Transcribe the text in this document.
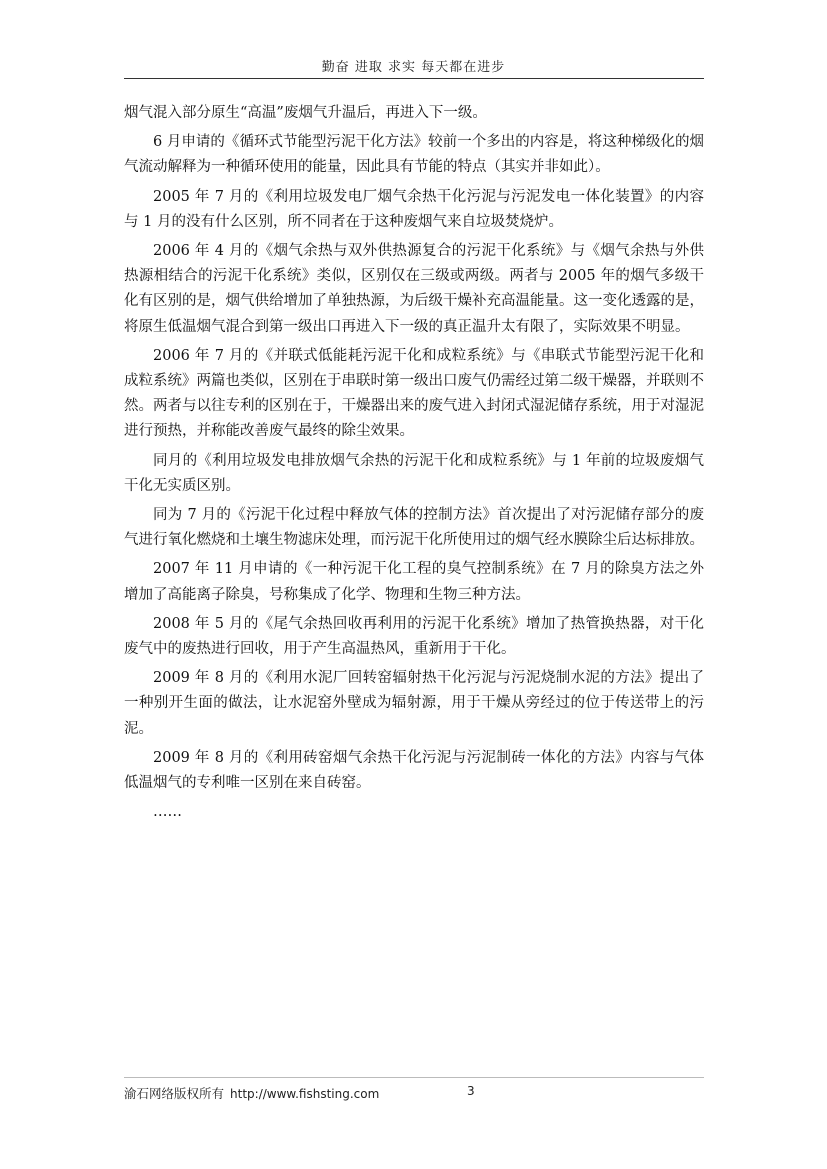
勤奋 进取 求实 每天都在进步

烟气混入部分原生“高温”废烟气升温后，再进入下一级。

6 月申请的《循环式节能型污泥干化方法》较前一个多出的内容是，将这种梯级化的烟气流动解释为一种循环使用的能量，因此具有节能的特点（其实并非如此）。

2005 年 7 月的《利用垃圾发电厂烟气余热干化污泥与污泥发电一体化装置》的内容与 1 月的没有什么区别，所不同者在于这种废烟气来自垃圾焚烧炉。

2006 年 4 月的《烟气余热与双外供热源复合的污泥干化系统》与《烟气余热与外供热源相结合的污泥干化系统》类似，区别仅在三级或两级。两者与 2005 年的烟气多级干化有区别的是，烟气供给增加了单独热源，为后级干燥补充高温能量。这一变化透露的是，将原生低温烟气混合到第一级出口再进入下一级的真正温升太有限了，实际效果不明显。

2006 年 7 月的《并联式低能耗污泥干化和成粒系统》与《串联式节能型污泥干化和成粒系统》两篇也类似，区别在于串联时第一级出口废气仍需经过第二级干燥器，并联则不然。两者与以往专利的区别在于，干燥器出来的废气进入封闭式湿泥储存系统，用于对湿泥进行预热，并称能改善废气最终的除尘效果。

同月的《利用垃圾发电排放烟气余热的污泥干化和成粒系统》与 1 年前的垃圾废烟气干化无实质区别。

同为 7 月的《污泥干化过程中释放气体的控制方法》首次提出了对污泥储存部分的废气进行氧化燃烧和土壤生物滤床处理，而污泥干化所使用过的烟气经水膜除尘后达标排放。

2007 年 11 月申请的《一种污泥干化工程的臭气控制系统》在 7 月的除臭方法之外增加了高能离子除臭，号称集成了化学、物理和生物三种方法。

2008 年 5 月的《尾气余热回收再利用的污泥干化系统》增加了热管换热器，对干化废气中的废热进行回收，用于产生高温热风，重新用于干化。

2009 年 8 月的《利用水泥厂回转窑辐射热干化污泥与污泥烧制水泥的方法》提出了一种别开生面的做法，让水泥窑外壁成为辐射源，用于干燥从旁经过的位于传送带上的污泥。

2009 年 8 月的《利用砖窑烟气余热干化污泥与污泥制砖一体化的方法》内容与气体低温烟气的专利唯一区别在来自砖窑。

……
渝石网络版权所有 http://www.fishsting.com	3
